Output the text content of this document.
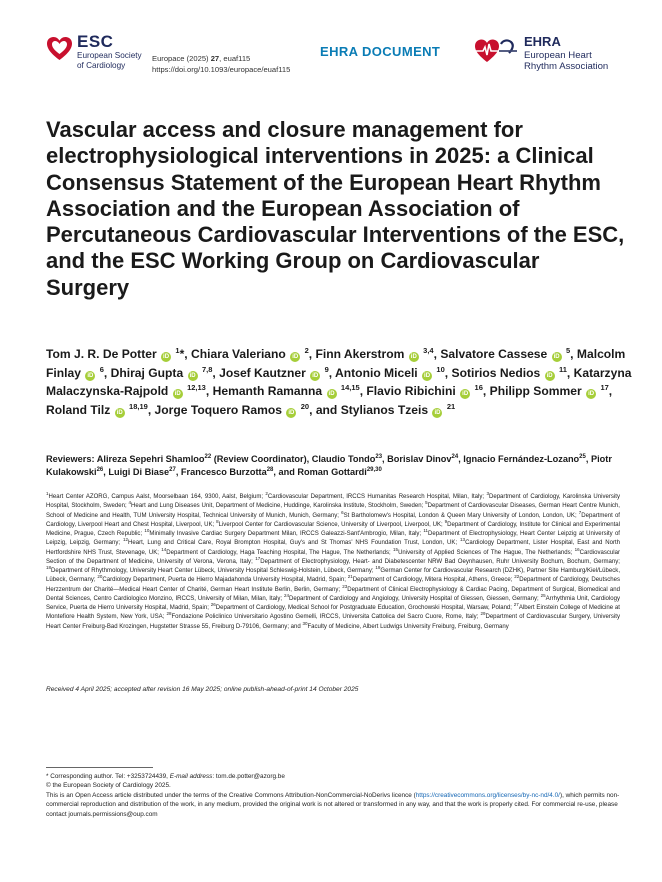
ESC
European Society
of Cardiology
Europace (2025) 27, euaf115
https://doi.org/10.1093/europace/euaf115
EHRA DOCUMENT
EHRA
European Heart
Rhythm Association
Vascular access and closure management for electrophysiological interventions in 2025: a Clinical Consensus Statement of the European Heart Rhythm Association and the European Association of Percutaneous Cardiovascular Interventions of the ESC, and the ESC Working Group on Cardiovascular Surgery

Tom J. R. De Potter iD $^1$*, Chiara Valeriano iD $^2$, Finn Akerstrom iD $^{3,4}$, Salvatore Cassese iD $^5$, Malcolm Finlay iD $^6$, Dhiraj Gupta iD $^{7,8}$, Josef Kautzner iD $^9$, Antonio Miceli iD $^{10}$, Sotirios Nedios iD $^{11}$, Katarzyna Malaczynska-Rajpold iD $^{12,13}$, Hemanth Ramanna iD $^{14,15}$, Flavio Ribichini iD $^{16}$, Philipp Sommer iD $^{17}$, Roland Tilz iD $^{18,19}$, Jorge Toquero Ramos iD $^{20}$, and Stylianos Tzeis iD $^{21}$

Reviewers: Alireza Sepehri Shamloo$^{22}$ (Review Coordinator), Claudio Tondo$^{23}$, Borislav Dinov$^{24}$, Ignacio Fernández-Lozano$^{25}$, Piotr Kulakowski$^{26}$, Luigi Di Biase$^{27}$, Francesco Burzotta$^{28}$, and Roman Gottardi$^{29,30}$

$^1$Heart Center AZORG, Campus Aalst, Moorselbaan 164, 9300, Aalst, Belgium; $^2$Cardiovascular Department, IRCCS Humanitas Research Hospital, Milan, Italy; $^3$Department of Cardiology, Karolinska University Hospital, Stockholm, Sweden; $^4$Heart and Lung Diseases Unit, Department of Medicine, Huddinge, Karolinska Institute, Stockholm, Sweden; $^5$Department of Cardiovascular Diseases, German Heart Centre Munich, School of Medicine and Health, TUM University Hospital, Technical University of Munich, Munich, Germany; $^6$St Bartholomew's Hospital, London & Queen Mary University of London, London, UK; $^7$Department of Cardiology, Liverpool Heart and Chest Hospital, Liverpool, UK; $^8$Liverpool Center for Cardiovascular Science, University of Liverpool, Liverpool, UK; $^9$Department of Cardiology, Institute for Clinical and Experimental Medicine, Prague, Czech Republic; $^{10}$Minimally Invasive Cardiac Surgery Department Milan, IRCCS Galeazzi-Sant'Ambrogio, Milan, Italy; $^{11}$Department of Electrophysiology, Heart Center Leipzig at University of Leipzig, Leipzig, Germany; $^{12}$Heart, Lung and Critical Care, Royal Brompton Hospital, Guy's and St Thomas' NHS Foundation Trust, London, UK; $^{13}$Cardiology Department, Lister Hospital, East and North Hertfordshire NHS Trust, Stevenage, UK; $^{14}$Department of Cardiology, Haga Teaching Hospital, The Hague, The Netherlands; $^{15}$University of Applied Sciences of The Hague, The Netherlands; $^{16}$Cardiovascular Section of the Department of Medicine, University of Verona, Verona, Italy; $^{17}$Department of Electrophysiology, Heart- and Diabetescenter NRW Bad Oeynhausen, Ruhr University Bochum, Bochum, Germany; $^{18}$Department of Rhythmology, University Heart Center Lübeck, University Hospital Schleswig-Holstein, Lübeck, Germany; $^{19}$German Center for Cardiovascular Research (DZHK), Partner Site Hamburg/Kiel/Lübeck, Lübeck, Germany; $^{20}$Cardiology Department, Puerta de Hierro Majadahonda University Hospital, Madrid, Spain; $^{21}$Department of Cardiology, Mitera Hospital, Athens, Greece; $^{22}$Department of Cardiology, Deutsches Herzzentrum der Charité—Medical Heart Center of Charité, German Heart Institute Berlin, Berlin, Germany; $^{23}$Department of Clinical Electrophysiology & Cardiac Pacing, Department of Surgical, Biomedical and Dental Sciences, Centro Cardiologico Monzino, IRCCS, University of Milan, Milan, Italy; $^{24}$Department of Cardiology and Angiology, University Hospital of Giessen, Giessen, Germany; $^{25}$Arrhythmia Unit, Cardiology Service, Puerta de Hierro University Hospital, Madrid, Spain; $^{26}$Department of Cardiology, Medical School for Postgraduate Education, Grochowski Hospital, Warsaw, Poland; $^{27}$Albert Einstein College of Medicine at Montefiore Health System, New York, USA; $^{28}$Fondazione Policlinico Universitario Agostino Gemelli, IRCCS, Universita Cattolica del Sacro Cuore, Rome, Italy; $^{29}$Department of Cardiovascular Surgery, University Heart Center Freiburg-Bad Krozingen, Hugstetter Strasse 55, Freiburg D-79106, Germany; and $^{30}$Faculty of Medicine, Albert Ludwigs University Freiburg, Freiburg, Germany

Received 4 April 2025; accepted after revision 16 May 2025; online publish-ahead-of-print 14 October 2025

* Corresponding author. Tel: +3253724439, E-mail address: tom.de.potter@azorg.be

© the European Society of Cardiology 2025.

This is an Open Access article distributed under the terms of the Creative Commons Attribution-NonCommercial-NoDerivs licence (https://creativecommons.org/licenses/by-nc-nd/4.0/), which permits non-commercial reproduction and distribution of the work, in any medium, provided the original work is not altered or transformed in any way, and that the work is properly cited. For commercial re-use, please contact journals.permissions@oup.com
